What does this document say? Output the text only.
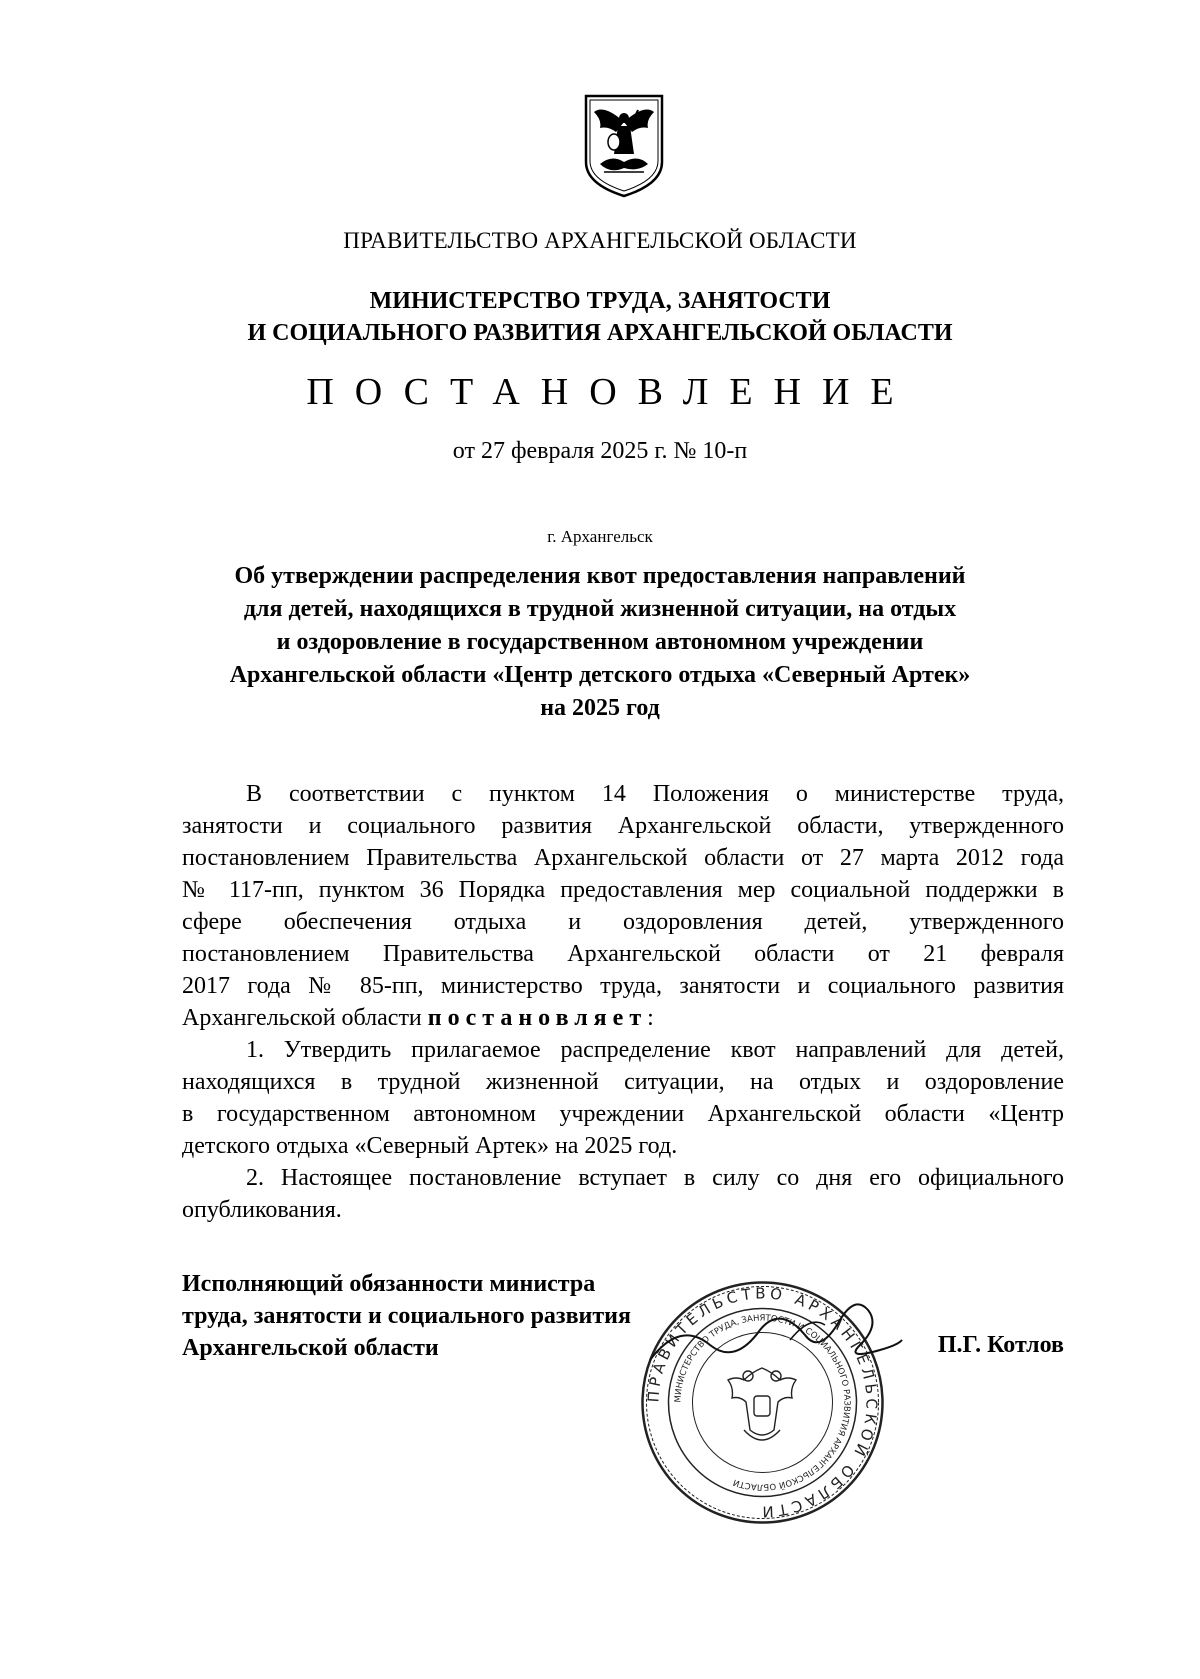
ПРАВИТЕЛЬСТВО АРХАНГЕЛЬСКОЙ ОБЛАСТИ
МИНИСТЕРСТВО ТРУДА, ЗАНЯТОСТИ
И СОЦИАЛЬНОГО РАЗВИТИЯ АРХАНГЕЛЬСКОЙ ОБЛАСТИ
ПОСТАНОВЛЕНИЕ
от 27 февраля 2025 г. № 10-п
г. Архангельск
Об утверждении распределения квот предоставления направлений
для детей, находящихся в трудной жизненной ситуации, на отдых
и оздоровление в государственном автономном учреждении
Архангельской области «Центр детского отдыха «Северный Артек»
на 2025 год
В соответствии с пунктом 14 Положения о министерстве труда,
занятости и социального развития Архангельской области, утвержденного
постановлением Правительства Архангельской области от 27 марта 2012 года
№ 117-пп, пунктом 36 Порядка предоставления мер социальной поддержки в
сфере обеспечения отдыха и оздоровления детей, утвержденного
постановлением Правительства Архангельской области от 21 февраля
2017 года № 85-пп, министерство труда, занятости и социального развития
Архангельской области постановляет:
1. Утвердить прилагаемое распределение квот направлений для детей,
находящихся в трудной жизненной ситуации, на отдых и оздоровление
в государственном автономном учреждении Архангельской области «Центр
детского отдыха «Северный Артек» на 2025 год.
2. Настоящее постановление вступает в силу со дня его официального
опубликования.
Исполняющий обязанности министра
труда, занятости и социального развития
Архангельской области
ПРАВИТЕЛЬСТВО АРХАНГЕЛЬСКОЙ ОБЛАСТИ
МИНИСТЕРСТВО ТРУДА, ЗАНЯТОСТИ И СОЦИАЛЬНОГО РАЗВИТИЯ АРХАНГЕЛЬСКОЙ ОБЛАСТИ
П.Г. Котлов
